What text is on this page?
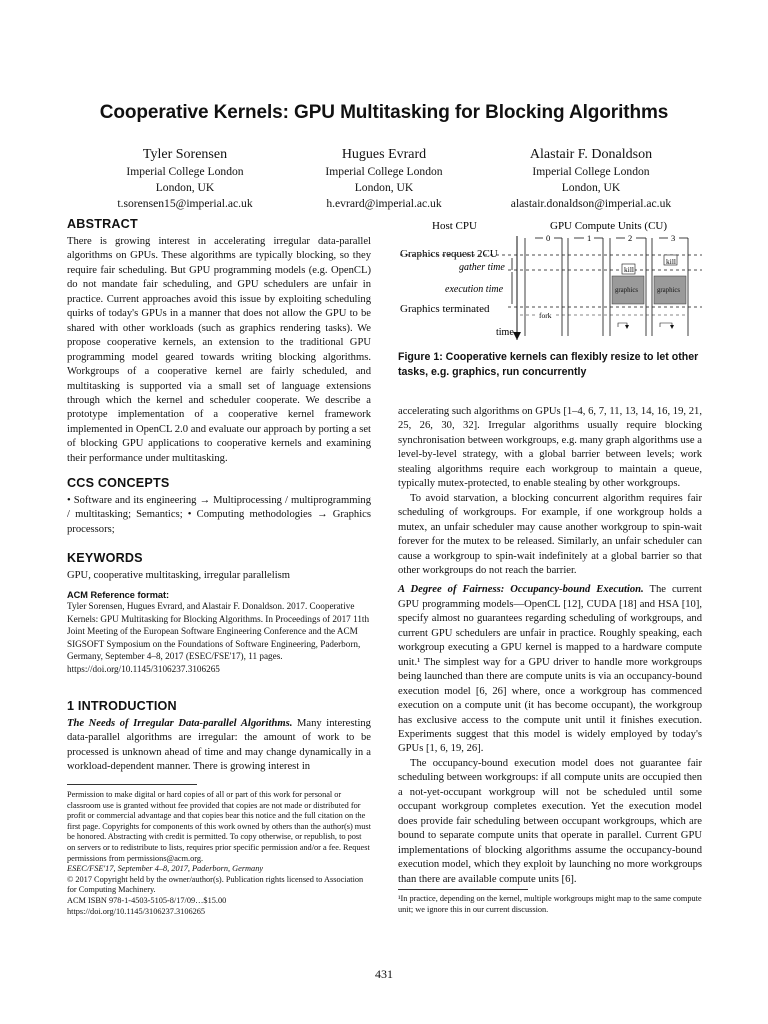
Cooperative Kernels: GPU Multitasking for Blocking Algorithms
Tyler Sorensen
Imperial College London
London, UK
t.sorensen15@imperial.ac.uk
Hugues Evrard
Imperial College London
London, UK
h.evrard@imperial.ac.uk
Alastair F. Donaldson
Imperial College London
London, UK
alastair.donaldson@imperial.ac.uk
ABSTRACT

There is growing interest in accelerating irregular data-parallel algorithms on GPUs. These algorithms are typically blocking, so they require fair scheduling. But GPU programming models (e.g. OpenCL) do not mandate fair scheduling, and GPU schedulers are unfair in practice. Current approaches avoid this issue by exploiting scheduling quirks of today's GPUs in a manner that does not allow the GPU to be shared with other workloads (such as graphics rendering tasks). We propose cooperative kernels, an extension to the traditional GPU programming model geared towards writing blocking algorithms. Workgroups of a cooperative kernel are fairly scheduled, and multitasking is supported via a small set of language extensions through which the kernel and scheduler cooperate. We describe a prototype implementation of a cooperative kernel framework implemented in OpenCL 2.0 and evaluate our approach by porting a set of blocking GPU applications to cooperative kernels and examining their performance under multitasking.

CCS CONCEPTS

• Software and its engineering → Multiprocessing / multiprogramming / multitasking; Semantics; • Computing methodologies → Graphics processors;

KEYWORDS

GPU, cooperative multitasking, irregular parallelism

ACM Reference format:

Tyler Sorensen, Hugues Evrard, and Alastair F. Donaldson. 2017. Cooperative Kernels: GPU Multitasking for Blocking Algorithms. In Proceedings of 2017 11th Joint Meeting of the European Software Engineering Conference and the ACM SIGSOFT Symposium on the Foundations of Software Engineering, Paderborn, Germany, September 4–8, 2017 (ESEC/FSE'17), 11 pages.

https://doi.org/10.1145/3106237.3106265
1 INTRODUCTION

The Needs of Irregular Data-parallel Algorithms. Many interesting data-parallel algorithms are irregular: the amount of work to be processed is unknown ahead of time and may change dynamically in a workload-dependent manner. There is growing interest in

Permission to make digital or hard copies of all or part of this work for personal or classroom use is granted without fee provided that copies are not made or distributed for profit or commercial advantage and that copies bear this notice and the full citation on the first page. Copyrights for components of this work owned by others than the author(s) must be honored. Abstracting with credit is permitted. To copy otherwise, or republish, to post on servers or to redistribute to lists, requires prior specific permission and/or a fee. Request permissions from permissions@acm.org.
ESEC/FSE'17, September 4–8, 2017, Paderborn, Germany
© 2017 Copyright held by the owner/author(s). Publication rights licensed to Association for Computing Machinery.
ACM ISBN 978-1-4503-5105-8/17/09…$15.00
https://doi.org/10.1145/3106237.3106265
Host CPU	GPU Compute Units (CU)
0	1	2	3
time
Graphics request 2CU
gather time
execution time
Graphics terminated
kill
kill
graphics	graphics
fork
Figure 1: Cooperative kernels can flexibly resize to let other tasks, e.g. graphics, run concurrently

accelerating such algorithms on GPUs [1–4, 6, 7, 11, 13, 14, 16, 19, 21, 25, 26, 30, 32]. Irregular algorithms usually require blocking synchronisation between workgroups, e.g. many graph algorithms use a level-by-level strategy, with a global barrier between levels; work stealing algorithms require each workgroup to maintain a queue, typically mutex-protected, to enable stealing by other workgroups.

To avoid starvation, a blocking concurrent algorithm requires fair scheduling of workgroups. For example, if one workgroup holds a mutex, an unfair scheduler may cause another workgroup to spin-wait forever for the mutex to be released. Similarly, an unfair scheduler can cause a workgroup to spin-wait indefinitely at a global barrier so that other workgroups do not reach the barrier.

A Degree of Fairness: Occupancy-bound Execution. The current GPU programming models—OpenCL [12], CUDA [18] and HSA [10], specify almost no guarantees regarding scheduling of workgroups, and current GPU schedulers are unfair in practice. Roughly speaking, each workgroup executing a GPU kernel is mapped to a hardware compute unit.¹ The simplest way for a GPU driver to handle more workgroups being launched than there are compute units is via an occupancy-bound execution model [6, 26] where, once a workgroup has commenced execution on a compute unit (it has become occupant), the workgroup has exclusive access to the compute unit until it finishes execution. Experiments suggest that this model is widely employed by today's GPUs [1, 6, 19, 26].

The occupancy-bound execution model does not guarantee fair scheduling between workgroups: if all compute units are occupied then a not-yet-occupant workgroup will not be scheduled until some occupant workgroup completes execution. Yet the execution model does provide fair scheduling between occupant workgroups, which are bound to separate compute units that operate in parallel. Current GPU implementations of blocking algorithms assume the occupancy-bound execution model, which they exploit by launching no more workgroups than there are available compute units [6].

¹In practice, depending on the kernel, multiple workgroups might map to the same compute unit; we ignore this in our current discussion.
431
